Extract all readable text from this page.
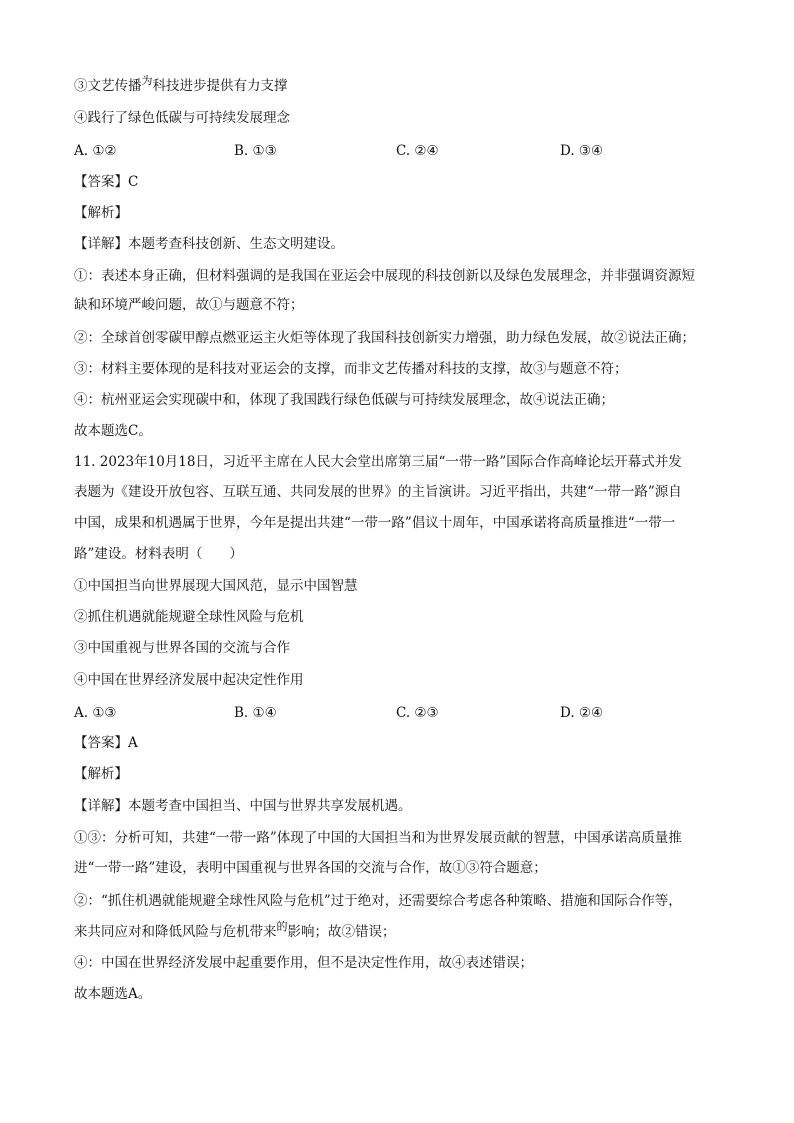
③文艺传播$^为$科技进步提供有力支撑
④践行了绿色低碳与可持续发展理念
A. ①②	B. ①③	C. ②④	D. ③④
【答案】C
【解析】
【详解】本题考查科技创新、生态文明建设。
①：表述本身正确，但材料强调的是我国在亚运会中展现的科技创新以及绿色发展理念，并非强调资源短
缺和环境严峻问题，故①与题意不符；
②：全球首创零碳甲醇点燃亚运主火炬等体现了我国科技创新实力增强，助力绿色发展，故②说法正确；
③：材料主要体现的是科技对亚运会的支撑，而非文艺传播对科技的支撑，故③与题意不符；
④：杭州亚运会实现碳中和，体现了我国践行绿色低碳与可持续发展理念，故④说法正确；
故本题选C。
11. 2023年10月18日，习近平主席在人民大会堂出席第三届“一带一路”国际合作高峰论坛开幕式并发
表题为《建设开放包容、互联互通、共同发展的世界》的主旨演讲。习近平指出，共建“一带一路”源自
中国，成果和机遇属于世界，今年是提出共建“一带一路”倡议十周年，中国承诺将高质量推进“一带一
路”建设。材料表明（　　）
①中国担当向世界展现大国风范，显示中国智慧
②抓住机遇就能规避全球性风险与危机
③中国重视与世界各国的交流与合作
④中国在世界经济发展中起决定性作用
A. ①③	B. ①④	C. ②③	D. ②④
【答案】A
【解析】
【详解】本题考查中国担当、中国与世界共享发展机遇。
①③：分析可知，共建“一带一路”体现了中国的大国担当和为世界发展贡献的智慧，中国承诺高质量推
进“一带一路”建设，表明中国重视与世界各国的交流与合作，故①③符合题意；
②：“抓住机遇就能规避全球性风险与危机”过于绝对，还需要综合考虑各种策略、措施和国际合作等，
来共同应对和降低风险与危机带来$^的$影响；故②错误；
④：中国在世界经济发展中起重要作用，但不是决定性作用，故④表述错误；
故本题选A。
